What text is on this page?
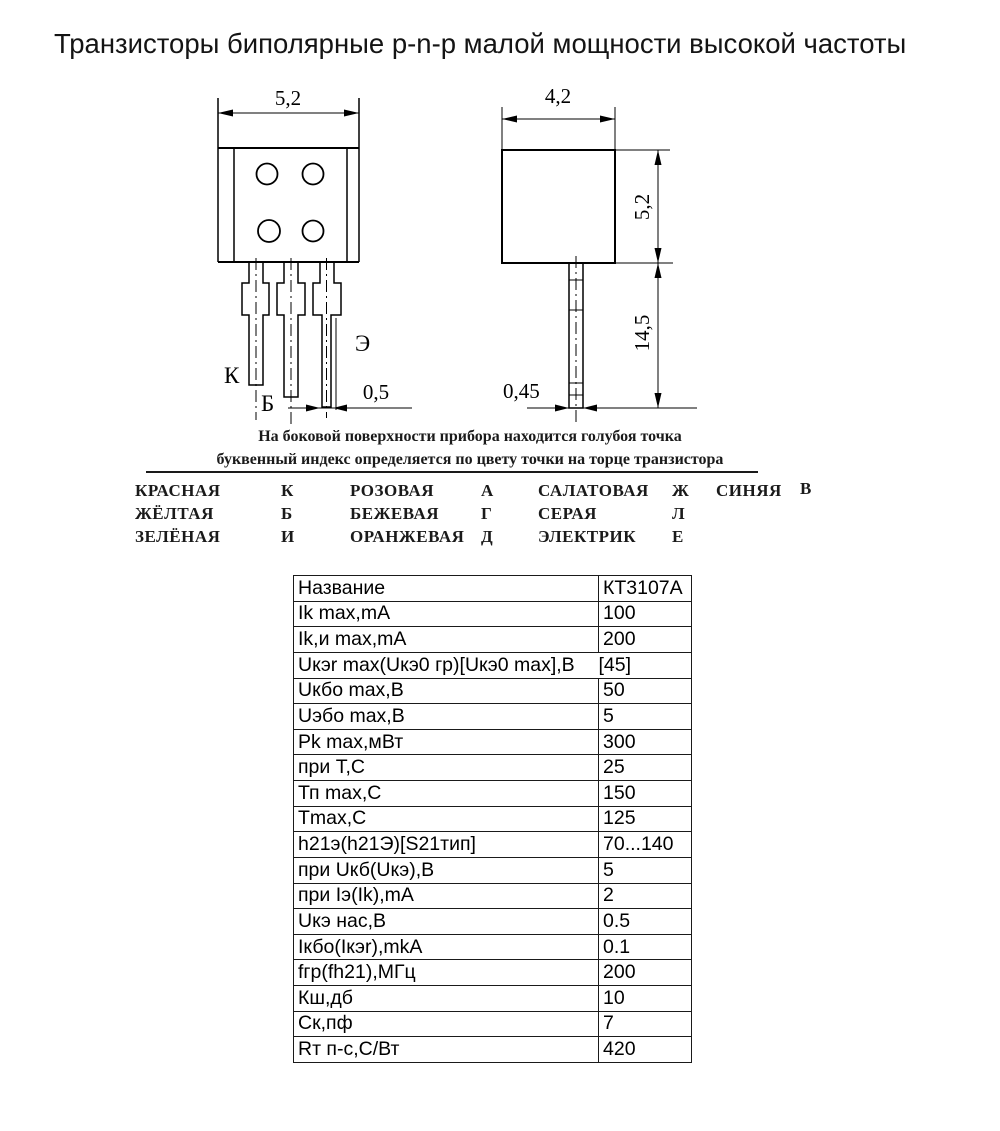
Транзисторы биполярные p-n-p малой мощности высокой частоты
5,2
К
Б
Э
0,5
4,2
5,2
14,5
0,45
На боковой поверхности прибора находится голубоя точка
буквенный индекс определяется по цвету точки на торце транзистора
КРАСНАЯ	К	РОЗОВАЯ	А	САЛАТОВАЯ Ж СИНЯЯ В
ЖЁЛТАЯ	Б	БЕЖЕВАЯ Г	СЕРАЯ	Л
ЗЕЛЁНАЯ	И	ОРАНЖЕВАЯ Д	ЭЛЕКТРИК Е
Название	КТ3107А
Ik max,mA	100
Ik,и max,mA	200
Uкэr max(Uкэ0 гр)[Uкэ0 max],В	[45]
Uкбо max,В	50
Uэбо max,В	5
Pk max,мВт	300
при Т,С	25
Тп max,С	150
Tmax,C	125
h21э(h21Э)[S21тип]	70...140
при Uкб(Uкэ),В	5
при Iэ(Ik),mA	2
Uкэ нас,В	0.5
Iкбо(Iкэr),mkA	0.1
fгр(fh21),МГц	200
Кш,дб	10
Ск,пф	7
Rт п-с,С/Вт	420
